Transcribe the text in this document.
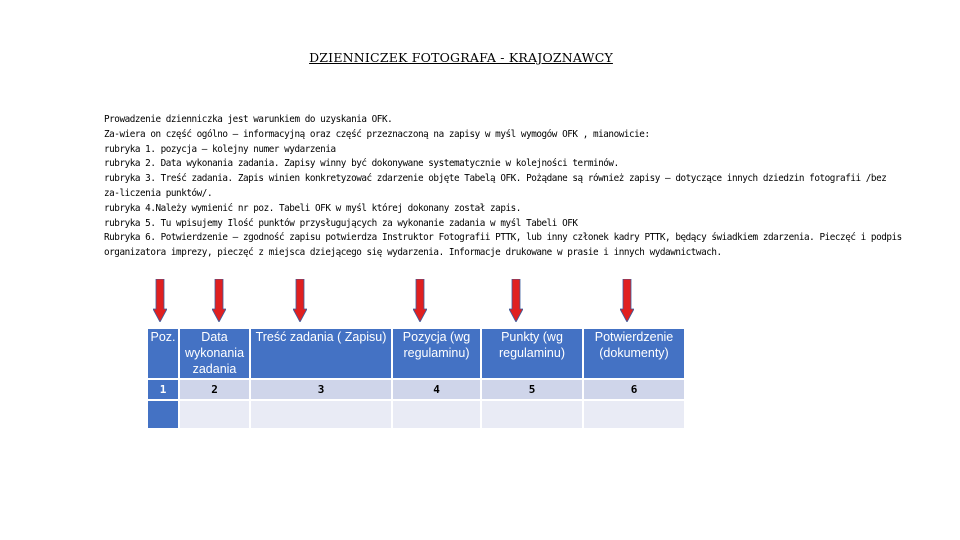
DZIENNICZEK FOTOGRAFA - KRAJOZNAWCY
Prowadzenie dzienniczka jest warunkiem do uzyskania OFK.
Za-wiera on część ogólno – informacyjną oraz część przeznaczoną na zapisy w myśl wymogów OFK , mianowicie:
rubryka 1. pozycja – kolejny numer wydarzenia
rubryka 2. Data wykonania zadania. Zapisy winny być dokonywane systematycznie w kolejności terminów.
rubryka 3. Treść zadania. Zapis winien konkretyzować zdarzenie objęte Tabelą OFK. Pożądane są również zapisy – dotyczące innych dziedzin fotografii /bez
za-liczenia punktów/.
rubryka 4.Należy wymienić nr poz. Tabeli OFK w myśl której dokonany został zapis.
rubryka 5. Tu wpisujemy Ilość punktów przysługujących za wykonanie zadania w myśl Tabeli OFK
Rubryka 6. Potwierdzenie – zgodność zapisu potwierdza Instruktor Fotografii PTTK, lub inny członek kadry PTTK, będący świadkiem zdarzenia. Pieczęć i podpis
organizatora imprezy, pieczęć z miejsca dziejącego się wydarzenia. Informacje drukowane w prasie i innych wydawnictwach.
Poz.	Data wykonania zadania	Treść zadania ( Zapisu)	Pozycja (wg regulaminu)	Punkty (wg regulaminu)	Potwierdzenie (dokumenty)
1	2	3	4	5	6
